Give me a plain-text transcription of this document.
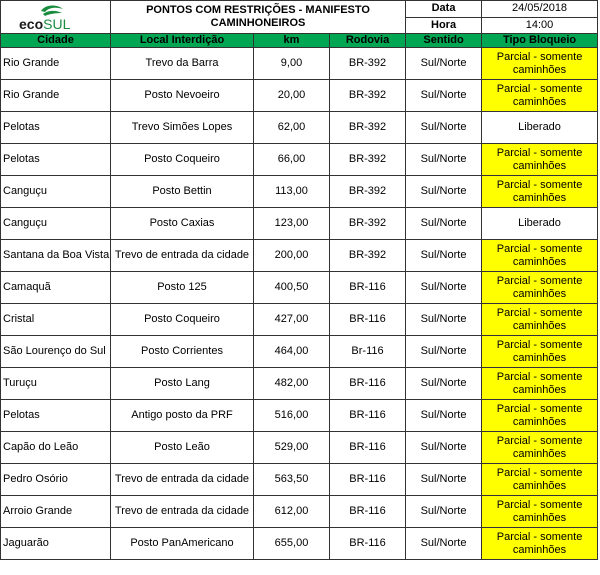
ecoSUL	PONTOS COM RESTRIÇÕES - MANIFESTO CAMINHONEIROS			Data	24/05/2018
				Hora	14:00
Cidade	Local Interdição	km	Rodovia	Sentido	Tipo Bloqueio
Rio Grande	Trevo da Barra	9,00	BR-392	Sul/Norte	Parcial - somente caminhões
Rio Grande	Posto Nevoeiro	20,00	BR-392	Sul/Norte	Parcial - somente caminhões
Pelotas	Trevo Simões Lopes	62,00	BR-392	Sul/Norte	Liberado
Pelotas	Posto Coqueiro	66,00	BR-392	Sul/Norte	Parcial - somente caminhões
Canguçu	Posto Bettin	113,00	BR-392	Sul/Norte	Parcial - somente caminhões
Canguçu	Posto Caxias	123,00	BR-392	Sul/Norte	Liberado
Santana da Boa Vista	Trevo de entrada da cidade	200,00	BR-392	Sul/Norte	Parcial - somente caminhões
Camaquã	Posto 125	400,50	BR-116	Sul/Norte	Parcial - somente caminhões
Cristal	Posto Coqueiro	427,00	BR-116	Sul/Norte	Parcial - somente caminhões
São Lourenço do Sul	Posto Corrientes	464,00	Br-116	Sul/Norte	Parcial - somente caminhões
Turuçu	Posto Lang	482,00	BR-116	Sul/Norte	Parcial - somente caminhões
Pelotas	Antigo posto da PRF	516,00	BR-116	Sul/Norte	Parcial - somente caminhões
Capão do Leão	Posto Leão	529,00	BR-116	Sul/Norte	Parcial - somente caminhões
Pedro Osório	Trevo de entrada da cidade	563,50	BR-116	Sul/Norte	Parcial - somente caminhões
Arroio Grande	Trevo de entrada da cidade	612,00	BR-116	Sul/Norte	Parcial - somente caminhões
Jaguarão	Posto PanAmericano	655,00	BR-116	Sul/Norte	Parcial - somente caminhões
